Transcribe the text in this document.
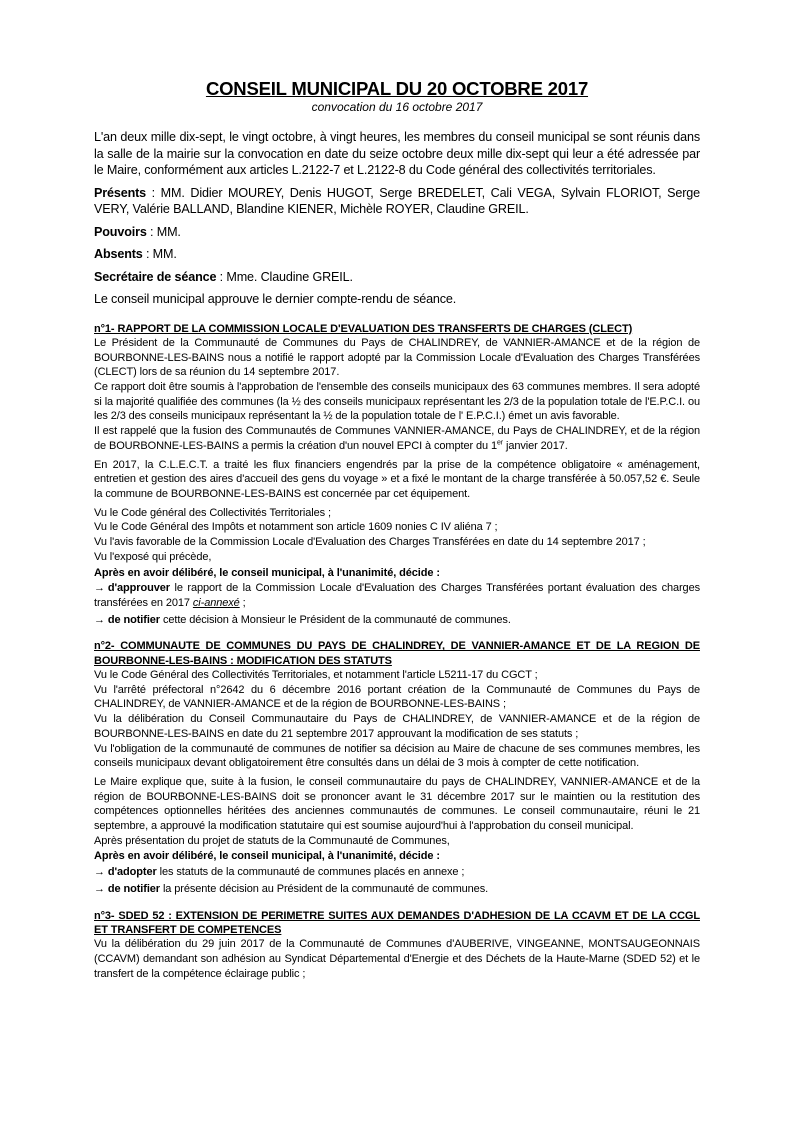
CONSEIL MUNICIPAL DU 20 OCTOBRE 2017

convocation du 16 octobre 2017

L'an deux mille dix-sept, le vingt octobre, à vingt heures, les membres du conseil municipal se sont réunis dans la salle de la mairie sur la convocation en date du seize octobre deux mille dix-sept qui leur a été adressée par le Maire, conformément aux articles L.2122-7 et L.2122-8 du Code général des collectivités territoriales.

Présents : MM. Didier MOUREY, Denis HUGOT, Serge BREDELET, Cali VEGA, Sylvain FLORIOT, Serge VERY, Valérie BALLAND, Blandine KIENER, Michèle ROYER, Claudine GREIL.

Pouvoirs : MM.

Absents : MM.

Secrétaire de séance : Mme. Claudine GREIL.

Le conseil municipal approuve le dernier compte-rendu de séance.

n°1- RAPPORT DE LA COMMISSION LOCALE D'EVALUATION DES TRANSFERTS DE CHARGES (CLECT)

Le Président de la Communauté de Communes du Pays de CHALINDREY, de VANNIER-AMANCE et de la région de BOURBONNE-LES-BAINS nous a notifié le rapport adopté par la Commission Locale d'Evaluation des Charges Transférées (CLECT) lors de sa réunion du 14 septembre 2017.

Ce rapport doit être soumis à l'approbation de l'ensemble des conseils municipaux des 63 communes membres. Il sera adopté si la majorité qualifiée des communes (la ½ des conseils municipaux représentant les 2/3 de la population totale de l'E.P.C.I. ou les 2/3 des conseils municipaux représentant la ½ de la population totale de l' E.P.C.I.) émet un avis favorable.

Il est rappelé que la fusion des Communautés de Communes VANNIER-AMANCE, du Pays de CHALINDREY, et de la région de BOURBONNE-LES-BAINS a permis la création d'un nouvel EPCI à compter du 1er janvier 2017.

En 2017, la C.L.E.C.T. a traité les flux financiers engendrés par la prise de la compétence obligatoire « aménagement, entretien et gestion des aires d'accueil des gens du voyage » et a fixé le montant de la charge transférée à 50.057,52 €. Seule la commune de BOURBONNE-LES-BAINS est concernée par cet équipement.

Vu le Code général des Collectivités Territoriales ;

Vu le Code Général des Impôts et notamment son article 1609 nonies C IV aliéna 7 ;

Vu l'avis favorable de la Commission Locale d'Evaluation des Charges Transférées en date du 14 septembre 2017 ;

Vu l'exposé qui précède,

Après en avoir délibéré, le conseil municipal, à l'unanimité, décide :

→ d'approuver le rapport de la Commission Locale d'Evaluation des Charges Transférées portant évaluation des charges transférées en 2017 ci-annexé ;

→ de notifier cette décision à Monsieur le Président de la communauté de communes.

n°2- COMMUNAUTE DE COMMUNES DU PAYS DE CHALINDREY, DE VANNIER-AMANCE ET DE LA REGION DE BOURBONNE-LES-BAINS : MODIFICATION DES STATUTS

Vu le Code Général des Collectivités Territoriales, et notamment l'article L5211-17 du CGCT ;

Vu l'arrêté préfectoral n°2642 du 6 décembre 2016 portant création de la Communauté de Communes du Pays de CHALINDREY, de VANNIER-AMANCE et de la région de BOURBONNE-LES-BAINS ;

Vu la délibération du Conseil Communautaire du Pays de CHALINDREY, de VANNIER-AMANCE et de la région de BOURBONNE-LES-BAINS en date du 21 septembre 2017 approuvant la modification de ses statuts ;

Vu l'obligation de la communauté de communes de notifier sa décision au Maire de chacune de ses communes membres, les conseils municipaux devant obligatoirement être consultés dans un délai de 3 mois à compter de cette notification.

Le Maire explique que, suite à la fusion, le conseil communautaire du pays de CHALINDREY, VANNIER-AMANCE et de la région de BOURBONNE-LES-BAINS doit se prononcer avant le 31 décembre 2017 sur le maintien ou la restitution des compétences optionnelles héritées des anciennes communautés de communes. Le conseil communautaire, réuni le 21 septembre, a approuvé la modification statutaire qui est soumise aujourd'hui à l'approbation du conseil municipal.

Après présentation du projet de statuts de la Communauté de Communes,

Après en avoir délibéré, le conseil municipal, à l'unanimité, décide :

→ d'adopter les statuts de la communauté de communes placés en annexe ;

→ de notifier la présente décision au Président de la communauté de communes.

n°3- SDED 52 : EXTENSION DE PERIMETRE SUITES AUX DEMANDES D'ADHESION DE LA CCAVM ET DE LA CCGL ET TRANSFERT DE COMPETENCES

Vu la délibération du 29 juin 2017 de la Communauté de Communes d'AUBERIVE, VINGEANNE, MONTSAUGEONNAIS (CCAVM) demandant son adhésion au Syndicat Départemental d'Energie et des Déchets de la Haute-Marne (SDED 52) et le transfert de la compétence éclairage public ;
